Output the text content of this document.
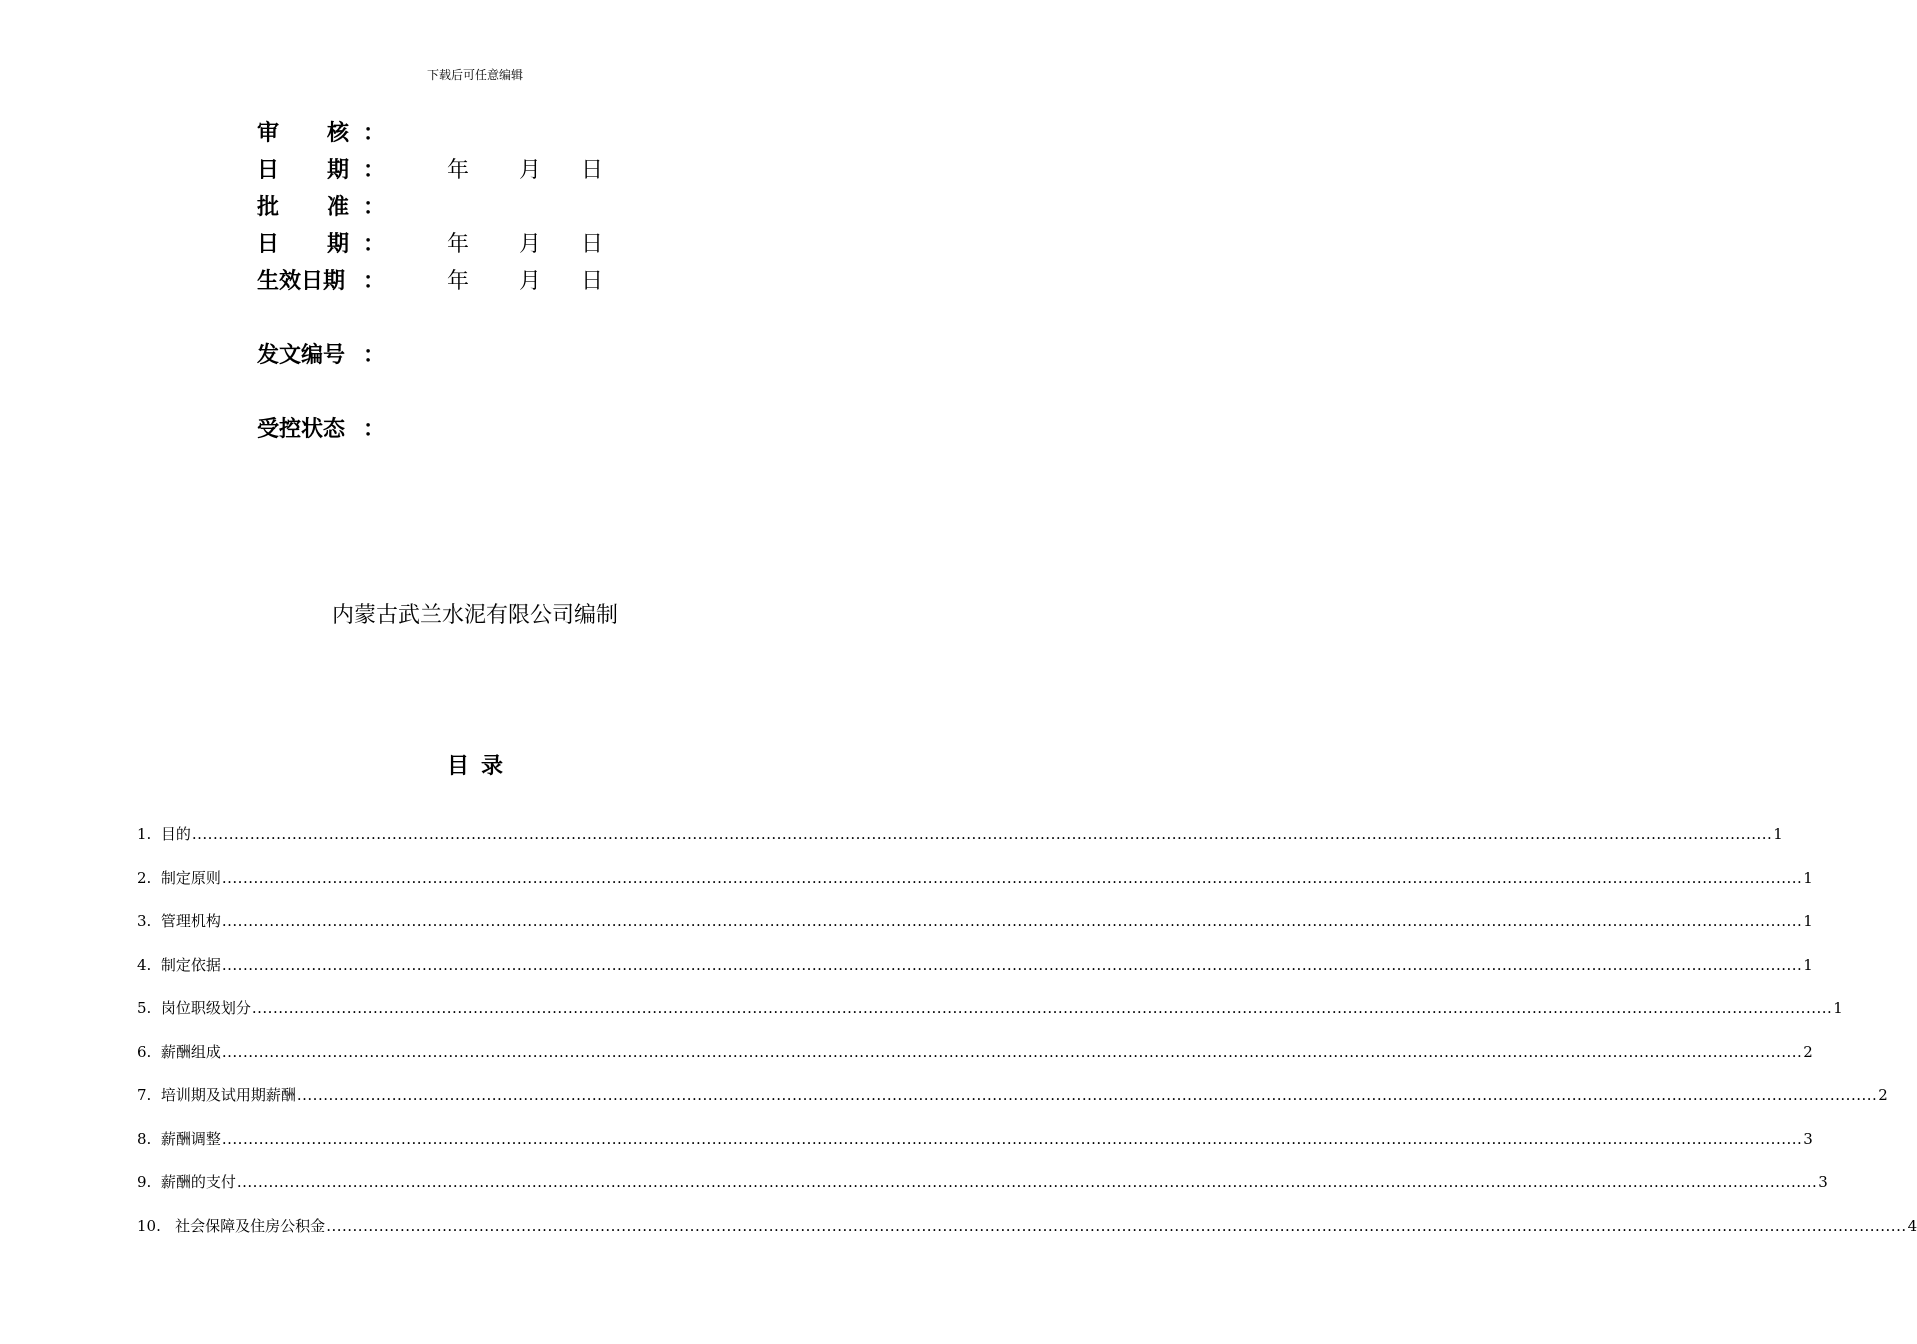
下载后可任意编辑
审 核 ：
日 期 ：	年 月 日
批 准 ：
日 期 ：	年 月 日
生效日期 ：	年 月 日
发文编号 ：
受控状态 ：
内蒙古武兰水泥有限公司编制
目录
1. 目的 ............................................................................................................................................................................................................................................................................................................ 1
2. 制定原则 ............................................................................................................................................................................................................................................................................................................ 1
3. 管理机构 ............................................................................................................................................................................................................................................................................................................ 1
4. 制定依据 ............................................................................................................................................................................................................................................................................................................ 1
5. 岗位职级划分 ............................................................................................................................................................................................................................................................................................................ 1
6. 薪酬组成 ............................................................................................................................................................................................................................................................................................................ 2
7. 培训期及试用期薪酬 ............................................................................................................................................................................................................................................................................................................ 2
8. 薪酬调整 ............................................................................................................................................................................................................................................................................................................ 3
9. 薪酬的支付 ............................................................................................................................................................................................................................................................................................................ 3
10. 社会保障及住房公积金 ............................................................................................................................................................................................................................................................................................................ 4
